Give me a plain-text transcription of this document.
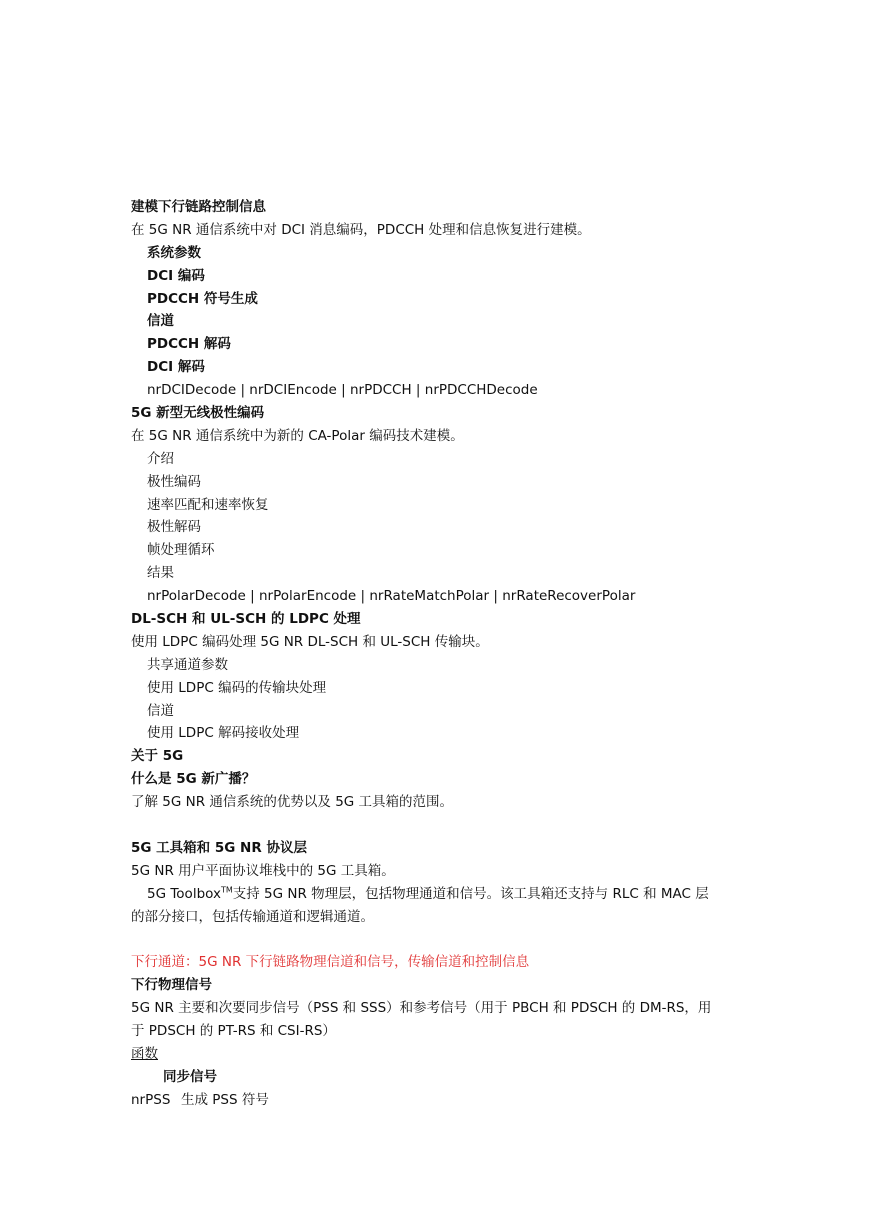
建模下行链路控制信息
在 5G NR 通信系统中对 DCI 消息编码，PDCCH 处理和信息恢复进行建模。
系统参数
DCI 编码
PDCCH 符号生成
信道
PDCCH 解码
DCI 解码
nrDCIDecode | nrDCIEncode | nrPDCCH | nrPDCCHDecode
5G 新型无线极性编码
在 5G NR 通信系统中为新的 CA-Polar 编码技术建模。
介绍
极性编码
速率匹配和速率恢复
极性解码
帧处理循环
结果
nrPolarDecode | nrPolarEncode | nrRateMatchPolar | nrRateRecoverPolar
DL-SCH 和 UL-SCH 的 LDPC 处理
使用 LDPC 编码处理 5G NR DL-SCH 和 UL-SCH 传输块。
共享通道参数
使用 LDPC 编码的传输块处理
信道
使用 LDPC 解码接收处理
关于 5G
什么是 5G 新广播？
了解 5G NR 通信系统的优势以及 5G 工具箱的范围。
5G 工具箱和 5G NR 协议层
5G NR 用户平面协议堆栈中的 5G 工具箱。
5G Toolbox™支持 5G NR 物理层，包括物理通道和信号。该工具箱还支持与 RLC 和 MAC 层
的部分接口，包括传输通道和逻辑通道。
下行通道：5G NR 下行链路物理信道和信号，传输信道和控制信息
下行物理信号
5G NR 主要和次要同步信号（PSS 和 SSS）和参考信号（用于 PBCH 和 PDSCH 的 DM-RS，用
于 PDSCH 的 PT-RS 和 CSI-RS）
函数
同步信号
nrPSS 生成 PSS 符号
